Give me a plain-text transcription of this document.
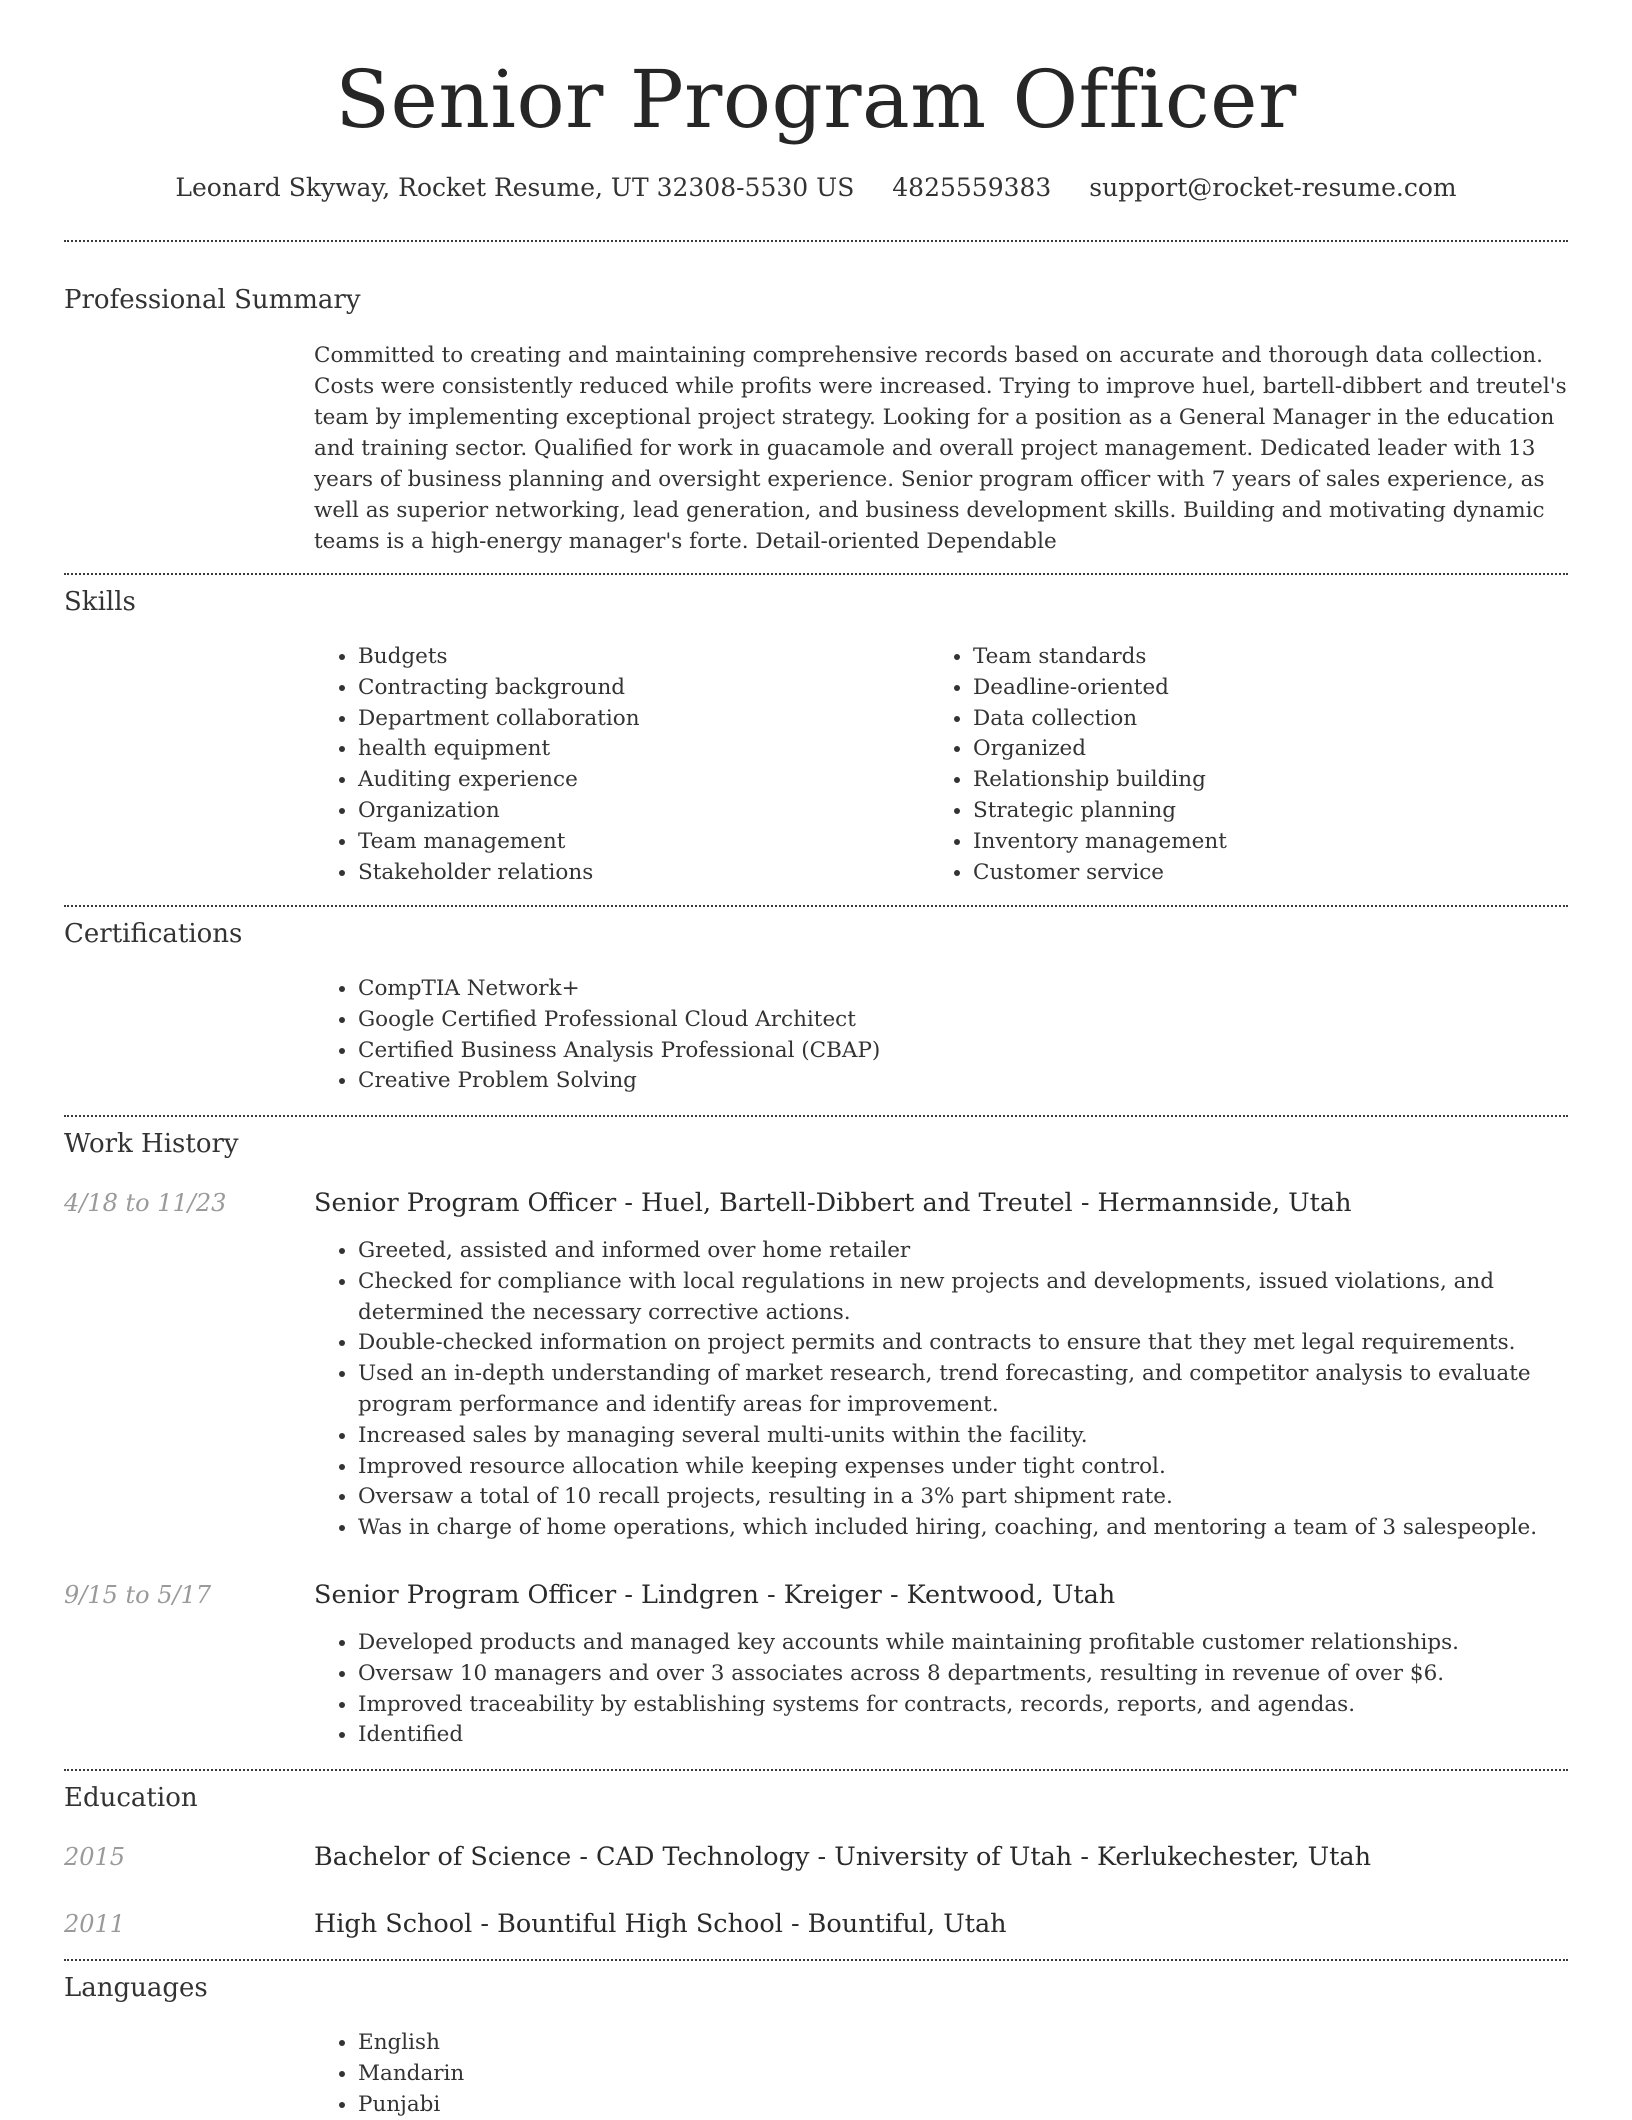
Senior Program Officer
Leonard Skyway, Rocket Resume, UT 32308-5530 US 4825559383 support@rocket-resume.com
Professional Summary

Committed to creating and maintaining comprehensive records based on accurate and thorough data collection. Costs were consistently reduced while profits were increased. Trying to improve huel, bartell-dibbert and treutel's team by implementing exceptional project strategy. Looking for a position as a General Manager in the education and training sector. Qualified for work in guacamole and overall project management. Dedicated leader with 13 years of business planning and oversight experience. Senior program officer with 7 years of sales experience, as well as superior networking, lead generation, and business development skills. Building and motivating dynamic teams is a high-energy manager's forte. Detail-oriented Dependable

Skills
• Budgets
• Contracting background
• Department collaboration
• health equipment
• Auditing experience
• Organization
• Team management
• Stakeholder relations
• Team standards
• Deadline-oriented
• Data collection
• Organized
• Relationship building
• Strategic planning
• Inventory management
• Customer service
Certifications
• CompTIA Network+
• Google Certified Professional Cloud Architect
• Certified Business Analysis Professional (CBAP)
• Creative Problem Solving
Work History
4/18 to 11/23	Senior Program Officer - Huel, Bartell-Dibbert and Treutel - Hermannside, Utah
• Greeted, assisted and informed over home retailer
• Checked for compliance with local regulations in new projects and developments, issued violations, and determined the necessary corrective actions.
• Double-checked information on project permits and contracts to ensure that they met legal requirements.
• Used an in-depth understanding of market research, trend forecasting, and competitor analysis to evaluate program performance and identify areas for improvement.
• Increased sales by managing several multi-units within the facility.
• Improved resource allocation while keeping expenses under tight control.
• Oversaw a total of 10 recall projects, resulting in a 3% part shipment rate.
• Was in charge of home operations, which included hiring, coaching, and mentoring a team of 3 salespeople.
9/15 to 5/17	Senior Program Officer - Lindgren - Kreiger - Kentwood, Utah
• Developed products and managed key accounts while maintaining profitable customer relationships.
• Oversaw 10 managers and over 3 associates across 8 departments, resulting in revenue of over $6.
• Improved traceability by establishing systems for contracts, records, reports, and agendas.
• Identified
Education
2015	Bachelor of Science - CAD Technology - University of Utah - Kerlukechester, Utah
2011	High School - Bountiful High School - Bountiful, Utah
Languages
• English
• Mandarin
• Punjabi
